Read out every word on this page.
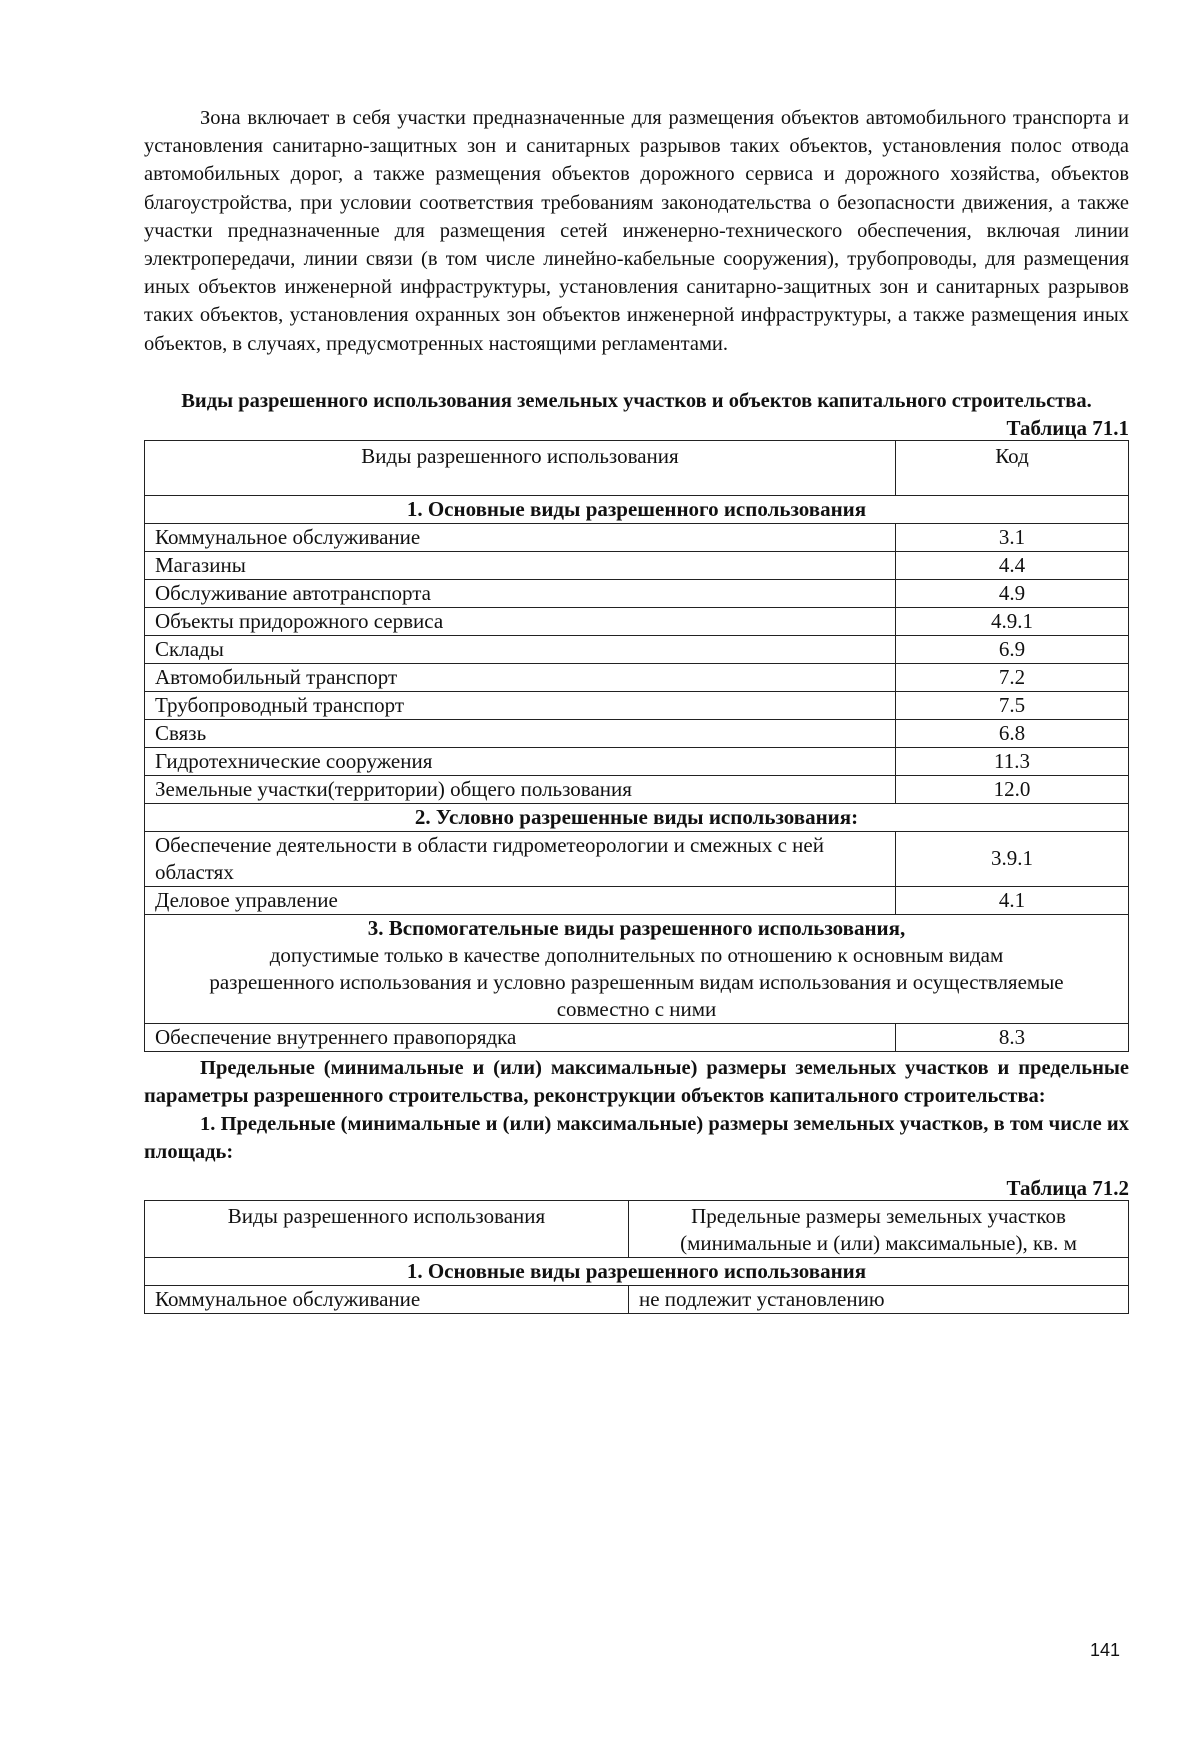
Зона включает в себя участки предназначенные для размещения объектов автомобильного транспорта и установления санитарно-защитных зон и санитарных разрывов таких объектов, установления полос отвода автомобильных дорог, а также размещения объектов дорожного сервиса и дорожного хозяйства, объектов благоустройства, при условии соответствия требованиям законодательства о безопасности движения, а также участки предназначенные для размещения сетей инженерно-технического обеспечения, включая линии электропередачи, линии связи (в том числе линейно-кабельные сооружения), трубопроводы, для размещения иных объектов инженерной инфраструктуры, установления санитарно-защитных зон и санитарных разрывов таких объектов, установления охранных зон объектов инженерной инфраструктуры, а также размещения иных объектов, в случаях, предусмотренных настоящими регламентами.

Виды разрешенного использования земельных участков и объектов капитального строительства.

Таблица 71.1

Виды разрешенного использования	Код
1. Основные виды разрешенного использования	
Коммунальное обслуживание	3.1
Магазины	4.4
Обслуживание автотранспорта	4.9
Объекты придорожного сервиса	4.9.1
Склады	6.9
Автомобильный транспорт	7.2
Трубопроводный транспорт	7.5
Связь	6.8
Гидротехнические сооружения	11.3
Земельные участки(территории) общего пользования	12.0
2. Условно разрешенные виды использования:	
Обеспечение деятельности в области гидрометеорологии и смежных с ней областях	3.9.1
Деловое управление	4.1

3. Вспомогательные виды разрешенного использования,
допустимые только в качестве дополнительных по отношению к основным видам разрешенного использования и условно разрешенным видам использования и осуществляемые совместно с ними	

Обеспечение внутреннего правопорядка	8.3

Предельные (минимальные и (или) максимальные) размеры земельных участков и предельные параметры разрешенного строительства, реконструкции объектов капитального строительства:

1. Предельные (минимальные и (или) максимальные) размеры земельных участков, в том числе их площадь:

Таблица 71.2

Виды разрешенного использования	Предельные размеры земельных участков (минимальные и (или) максимальные), кв. м
1. Основные виды разрешенного использования	
Коммунальное обслуживание	не подлежит установлению
141
